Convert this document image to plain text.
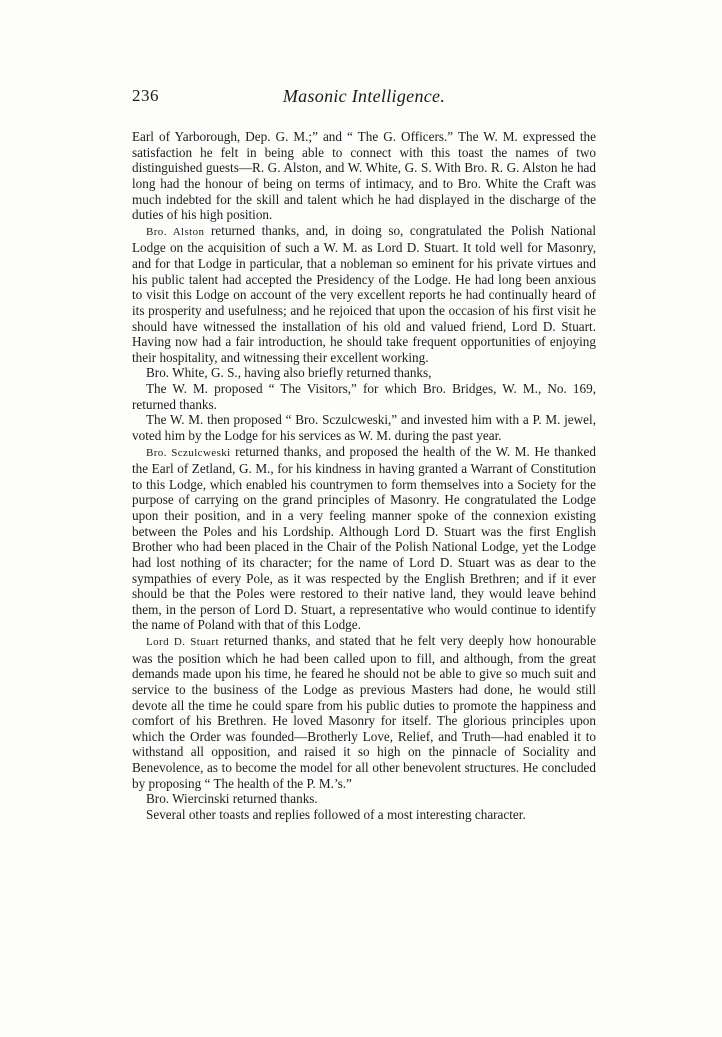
236	Masonic Intelligence.

Earl of Yarborough, Dep. G. M.;” and “ The G. Officers.” The W. M. expressed the satisfaction he felt in being able to connect with this toast the names of two distinguished guests—R. G. Alston, and W. White, G. S. With Bro. R. G. Alston he had long had the honour of being on terms of intimacy, and to Bro. White the Craft was much indebted for the skill and talent which he had displayed in the discharge of the duties of his high position.

Bro. Alston returned thanks, and, in doing so, congratulated the Polish National Lodge on the acquisition of such a W. M. as Lord D. Stuart. It told well for Masonry, and for that Lodge in particular, that a nobleman so eminent for his private virtues and his public talent had accepted the Presidency of the Lodge. He had long been anxious to visit this Lodge on account of the very excellent reports he had continually heard of its prosperity and usefulness; and he rejoiced that upon the occasion of his first visit he should have witnessed the installation of his old and valued friend, Lord D. Stuart. Having now had a fair introduction, he should take frequent opportunities of enjoying their hospitality, and witnessing their excellent working.

Bro. White, G. S., having also briefly returned thanks,

The W. M. proposed “ The Visitors,” for which Bro. Bridges, W. M., No. 169, returned thanks.

The W. M. then proposed “ Bro. Sczulcweski,” and invested him with a P. M. jewel, voted him by the Lodge for his services as W. M. during the past year.

Bro. Sczulcweski returned thanks, and proposed the health of the W. M. He thanked the Earl of Zetland, G. M., for his kindness in having granted a Warrant of Constitution to this Lodge, which enabled his countrymen to form themselves into a Society for the purpose of carrying on the grand principles of Masonry. He congratulated the Lodge upon their position, and in a very feeling manner spoke of the connexion existing between the Poles and his Lordship. Although Lord D. Stuart was the first English Brother who had been placed in the Chair of the Polish National Lodge, yet the Lodge had lost nothing of its character; for the name of Lord D. Stuart was as dear to the sympathies of every Pole, as it was respected by the English Brethren; and if it ever should be that the Poles were restored to their native land, they would leave behind them, in the person of Lord D. Stuart, a representative who would continue to identify the name of Poland with that of this Lodge.

Lord D. Stuart returned thanks, and stated that he felt very deeply how honourable was the position which he had been called upon to fill, and although, from the great demands made upon his time, he feared he should not be able to give so much suit and service to the business of the Lodge as previous Masters had done, he would still devote all the time he could spare from his public duties to promote the happiness and comfort of his Brethren. He loved Masonry for itself. The glorious principles upon which the Order was founded—Brotherly Love, Relief, and Truth—had enabled it to withstand all opposition, and raised it so high on the pinnacle of Sociality and Benevolence, as to become the model for all other benevolent structures. He concluded by proposing “ The health of the P. M.’s.”

Bro. Wiercinski returned thanks.

Several other toasts and replies followed of a most interesting character.
